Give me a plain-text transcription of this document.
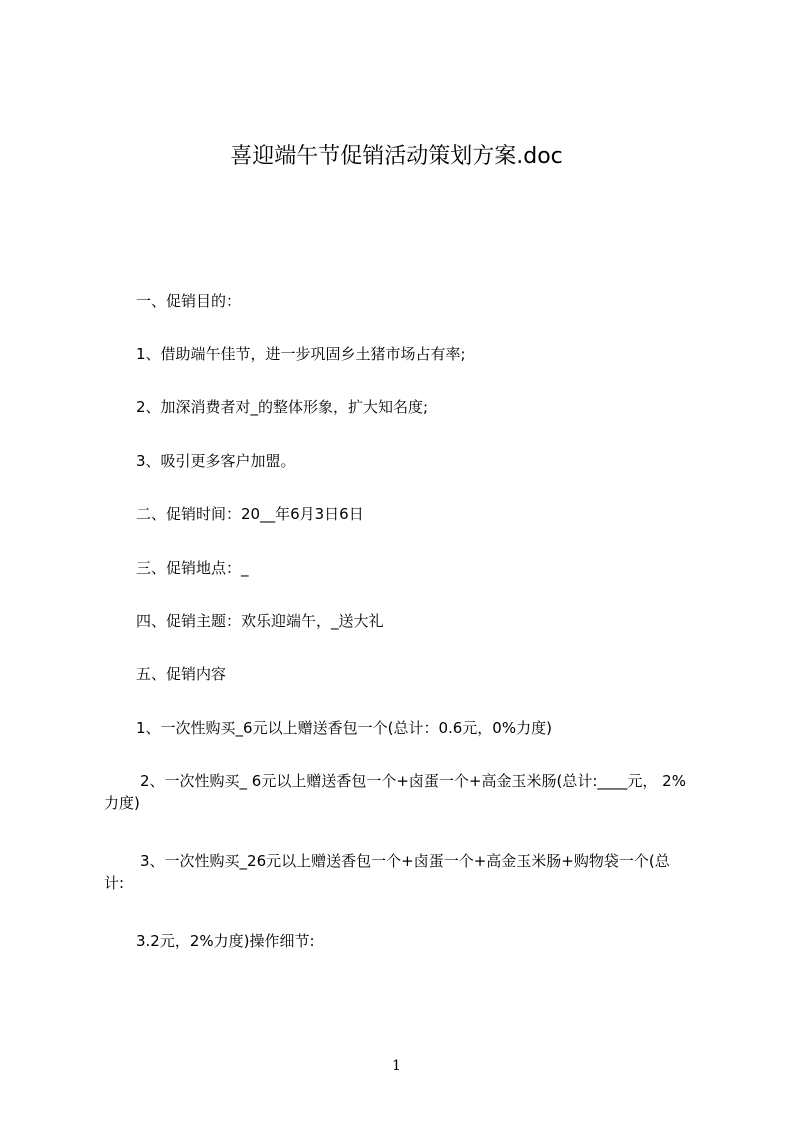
喜迎端午节促销活动策划方案.doc
一、促销目的：
1、借助端午佳节，进一步巩固乡土猪市场占有率;
2、加深消费者对_的整体形象，扩大知名度;
3、吸引更多客户加盟。
二、促销时间：20__年6月3日6日
三、促销地点：_
四、促销主题：欢乐迎端午，_送大礼
五、促销内容
1、一次性购买_6元以上赠送香包一个(总计：0.6元，0%力度)
2、一次性购买_ 6元以上赠送香包一个+卤蛋一个+高金玉米肠(总计:____元， 2%
力度)
3、一次性购买_26元以上赠送香包一个+卤蛋一个+高金玉米肠+购物袋一个(总
计:
3.2元，2%力度)操作细节:
1
